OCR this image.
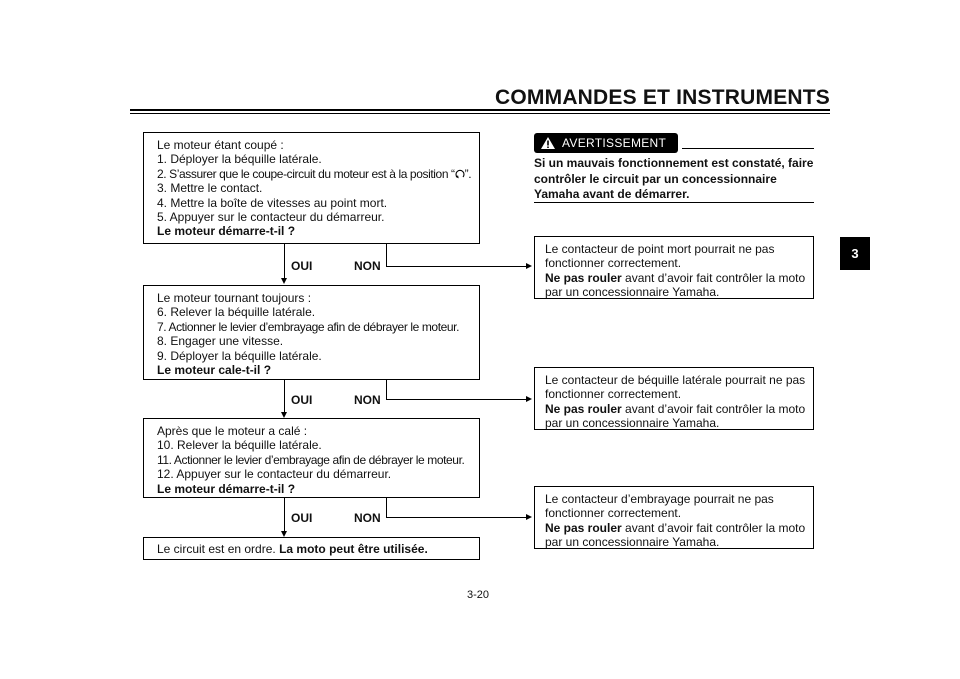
COMMANDES ET INSTRUMENTS
3
Le moteur étant coupé :
1. Déployer la béquille latérale.
2. S’assurer que le coupe-circuit du moteur est à la position “ ”.
3. Mettre le contact.
4. Mettre la boîte de vitesses au point mort.
5. Appuyer sur le contacteur du démarreur.
Le moteur démarre-t-il ?
OUI	NON
Le moteur tournant toujours :
6. Relever la béquille latérale.
7. Actionner le levier d’embrayage afin de débrayer le moteur.
8. Engager une vitesse.
9. Déployer la béquille latérale.
Le moteur cale-t-il ?
OUI	NON
Après que le moteur a calé :
10. Relever la béquille latérale.
11. Actionner le levier d’embrayage afin de débrayer le moteur.
12. Appuyer sur le contacteur du démarreur.
Le moteur démarre-t-il ?
OUI	NON
Le circuit est en ordre. La moto peut être utilisée.
AVERTISSEMENT
Si un mauvais fonctionnement est constaté, faire contrôler le circuit par un concessionnaire Yamaha avant de démarrer.
Le contacteur de point mort pourrait ne pas
fonctionner correctement.
Ne pas rouler avant d’avoir fait contrôler la moto
par un concessionnaire Yamaha.
Le contacteur de béquille latérale pourrait ne pas
fonctionner correctement.
Ne pas rouler avant d’avoir fait contrôler la moto
par un concessionnaire Yamaha.
Le contacteur d’embrayage pourrait ne pas
fonctionner correctement.
Ne pas rouler avant d’avoir fait contrôler la moto
par un concessionnaire Yamaha.
3-20
